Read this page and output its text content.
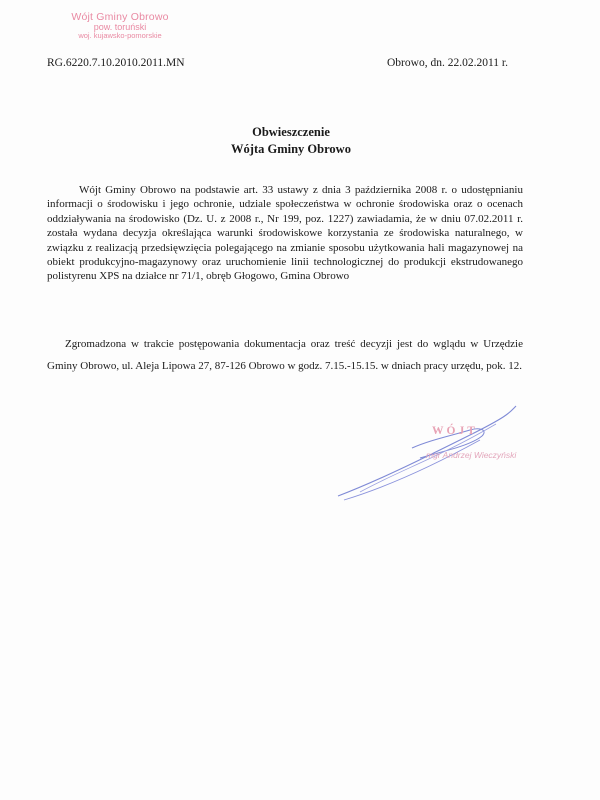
Wójt Gminy Obrowo
pow. toruński
woj. kujawsko-pomorskie
RG.6220.7.10.2010.2011.MN	Obrowo, dn. 22.02.2011 r.
Obwieszczenie
Wójta Gminy Obrowo

Wójt Gminy Obrowo na podstawie art. 33 ustawy z dnia 3 października 2008 r. o udostępnianiu informacji o środowisku i jego ochronie, udziale społeczeństwa w ochronie środowiska oraz o ocenach oddziaływania na środowisko (Dz. U. z 2008 r., Nr 199, poz. 1227) zawiadamia, że w dniu 07.02.2011 r. została wydana decyzja określająca warunki środowiskowe korzystania ze środowiska naturalnego, w związku z realizacją przedsięwzięcia polegającego na zmianie sposobu użytkowania hali magazynowej na obiekt produkcyjno-magazynowy oraz uruchomienie linii technologicznej do produkcji ekstrudowanego polistyrenu XPS na działce nr 71/1, obręb Głogowo, Gmina Obrowo

Zgromadzona w trakcie postępowania dokumentacja oraz treść decyzji jest do wglądu w Urzędzie Gminy Obrowo, ul. Aleja Lipowa 27, 87-126 Obrowo w godz. 7.15.-15.15. w dniach pracy urzędu, pok. 12.

WÓJT
mgr Andrzej Wieczyński
